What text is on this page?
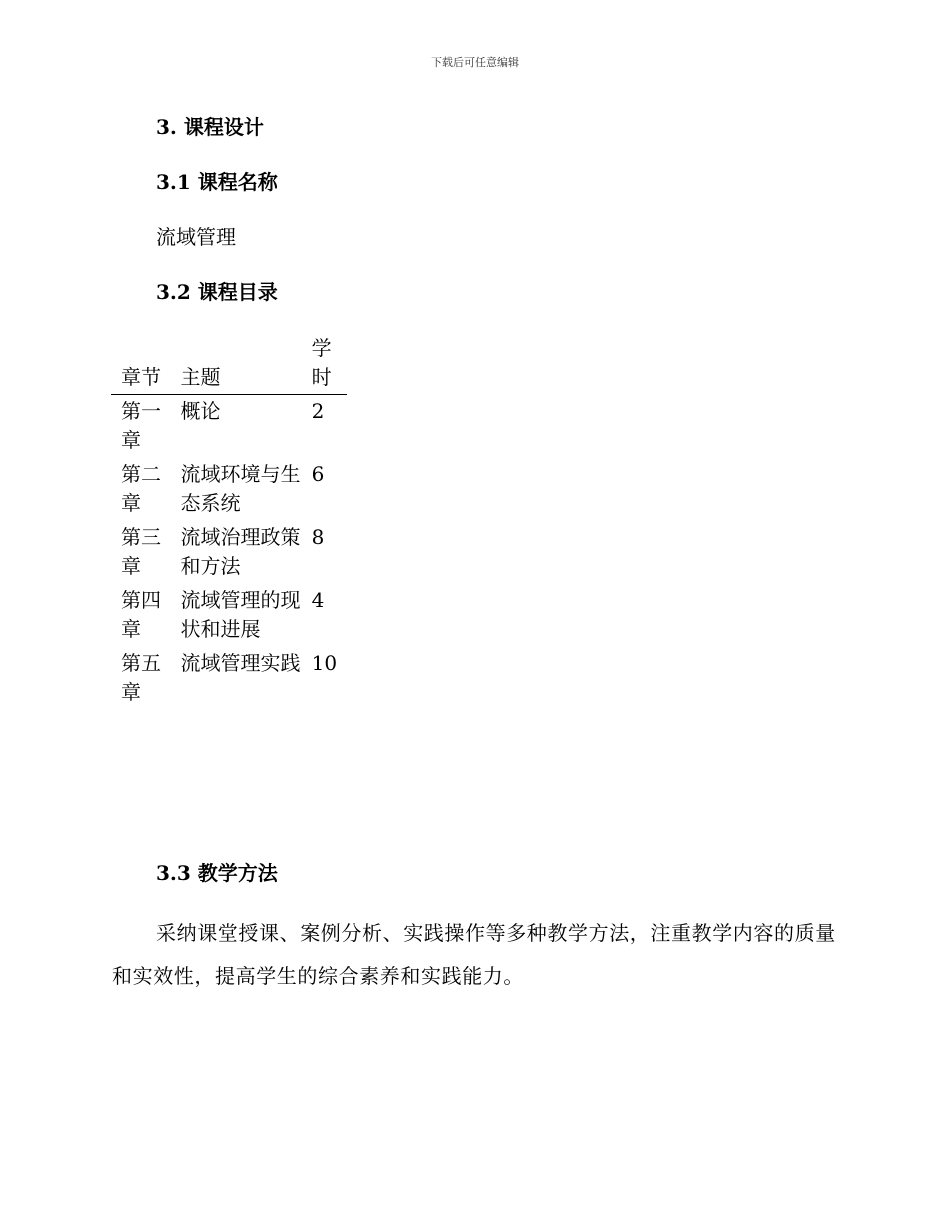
下载后可任意编辑
3. 课程设计
3.1 课程名称
流域管理
3.2 课程目录
章节	主题	学时
第一章	概论	2
第二章	流域环境与生态系统	6
第三章	流域治理政策和方法	8
第四章	流域管理的现状和进展	4
第五章	流域管理实践	10
3.3 教学方法
采纳课堂授课、案例分析、实践操作等多种教学方法，注重教学内容的质量和实效性，提高学生的综合素养和实践能力。
